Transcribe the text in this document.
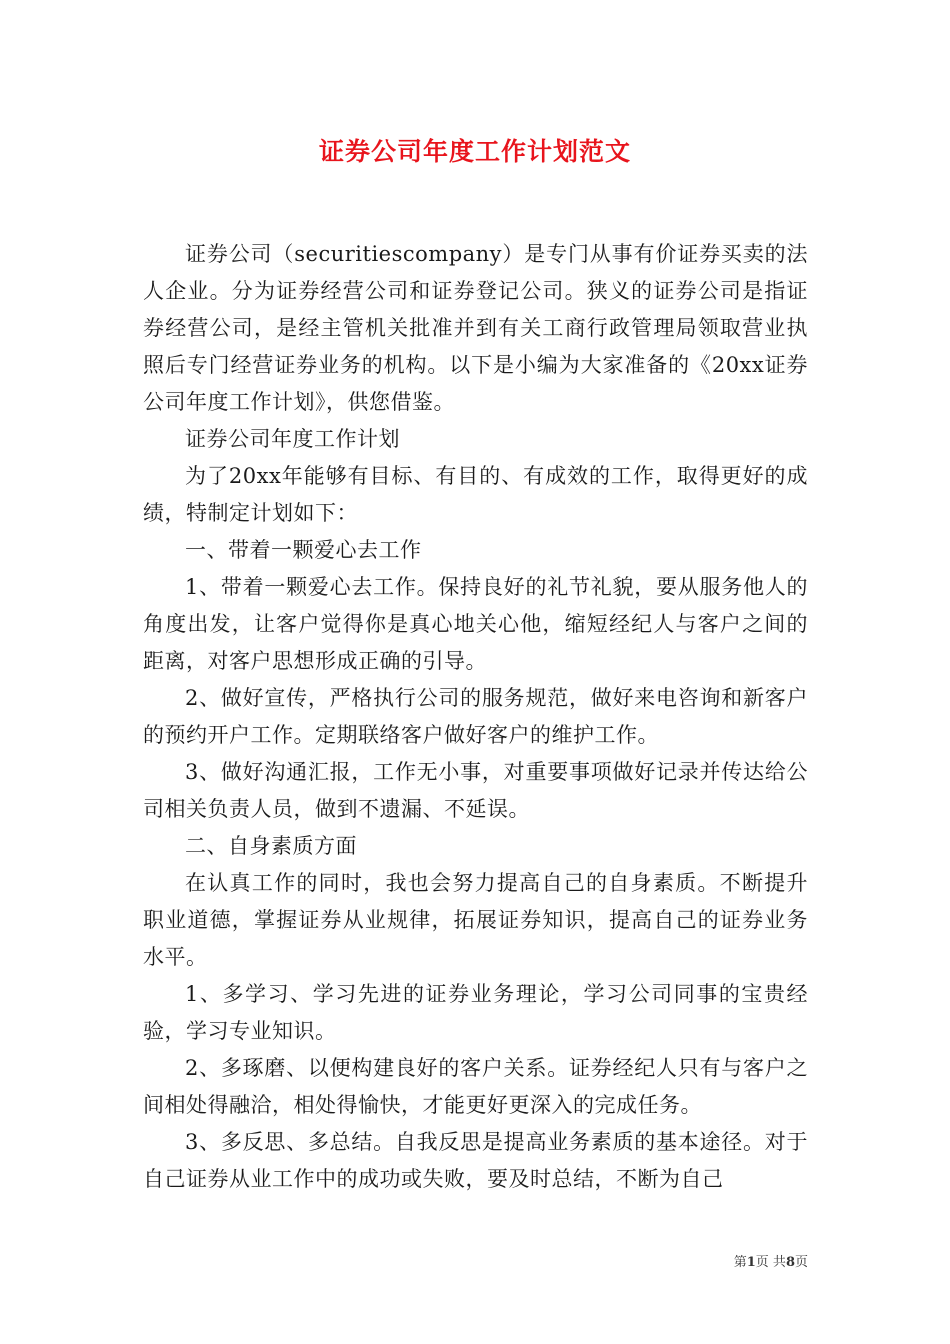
证券公司年度工作计划范文

证券公司（securitiescompany）是专门从事有价证券买卖的法人企业。分为证券经营公司和证券登记公司。狭义的证券公司是指证券经营公司，是经主管机关批准并到有关工商行政管理局领取营业执照后专门经营证券业务的机构。以下是小编为大家准备的《20xx证券公司年度工作计划》，供您借鉴。

证券公司年度工作计划

为了20xx年能够有目标、有目的、有成效的工作，取得更好的成绩，特制定计划如下：

一、带着一颗爱心去工作

1、带着一颗爱心去工作。保持良好的礼节礼貌，要从服务他人的角度出发，让客户觉得你是真心地关心他，缩短经纪人与客户之间的距离，对客户思想形成正确的引导。

2、做好宣传，严格执行公司的服务规范，做好来电咨询和新客户的预约开户工作。定期联络客户做好客户的维护工作。

3、做好沟通汇报，工作无小事，对重要事项做好记录并传达给公司相关负责人员，做到不遗漏、不延误。

二、自身素质方面

在认真工作的同时，我也会努力提高自己的自身素质。不断提升职业道德，掌握证券从业规律，拓展证券知识，提高自己的证券业务水平。

1、多学习、学习先进的证券业务理论，学习公司同事的宝贵经验，学习专业知识。

2、多琢磨、以便构建良好的客户关系。证券经纪人只有与客户之间相处得融洽，相处得愉快，才能更好更深入的完成任务。

3、多反思、多总结。自我反思是提高业务素质的基本途径。对于自己证券从业工作中的成功或失败，要及时总结，不断为自己

第1页 共8页
